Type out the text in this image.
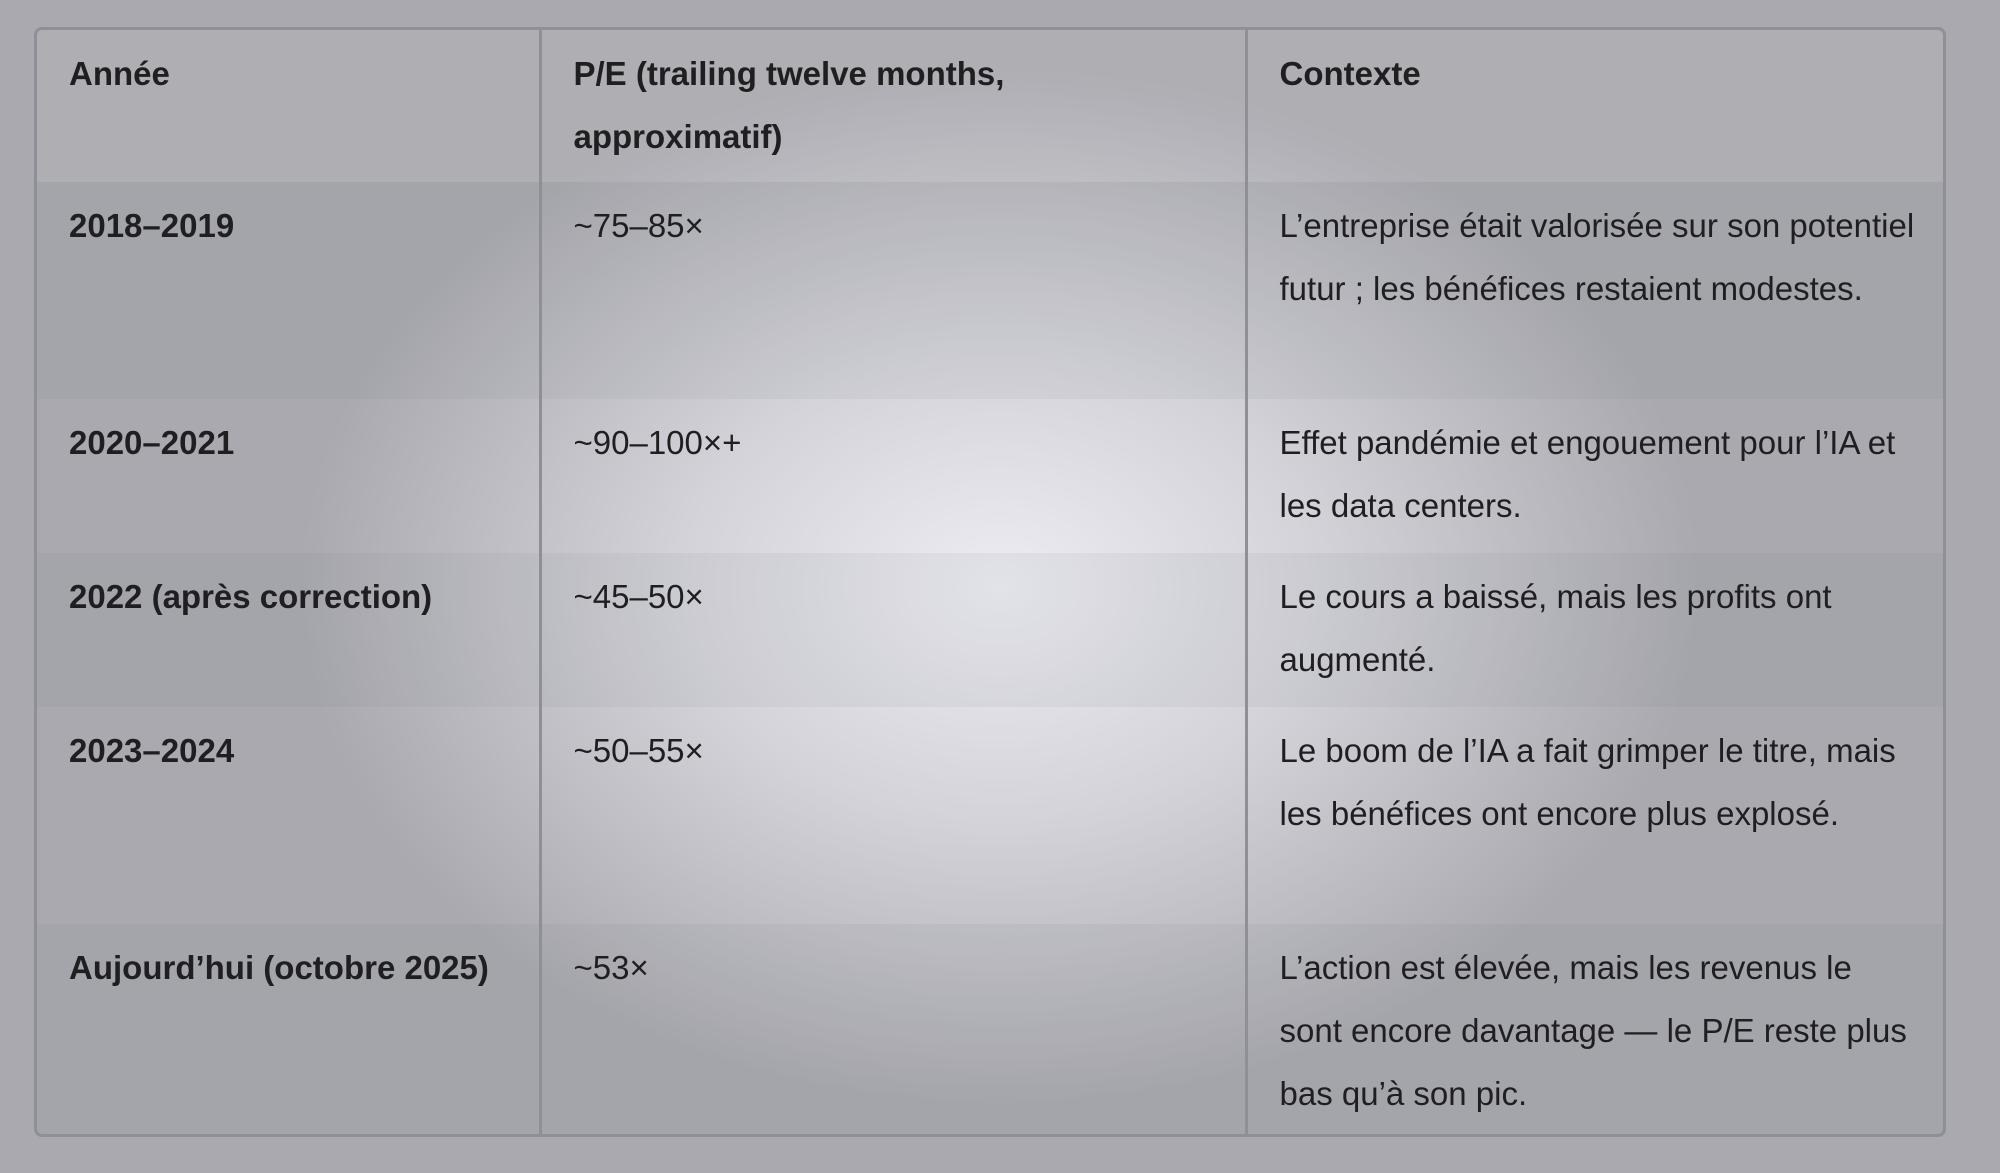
Année	P/E (trailing twelve months, approximatif)	Contexte
2018–2019	~75–85×	L’entreprise était valorisée sur son potentiel futur ; les bénéfices restaient modestes.
2020–2021	~90–100×+	Effet pandémie et engouement pour l’IA et les data centers.
2022 (après correction)	~45–50×	Le cours a baissé, mais les profits ont augmenté.
2023–2024	~50–55×	Le boom de l’IA a fait grimper le titre, mais les bénéfices ont encore plus explosé.
Aujourd’hui (octobre 2025)	~53×	L’action est élevée, mais les revenus le sont encore davantage — le P/E reste plus bas qu’à son pic.
